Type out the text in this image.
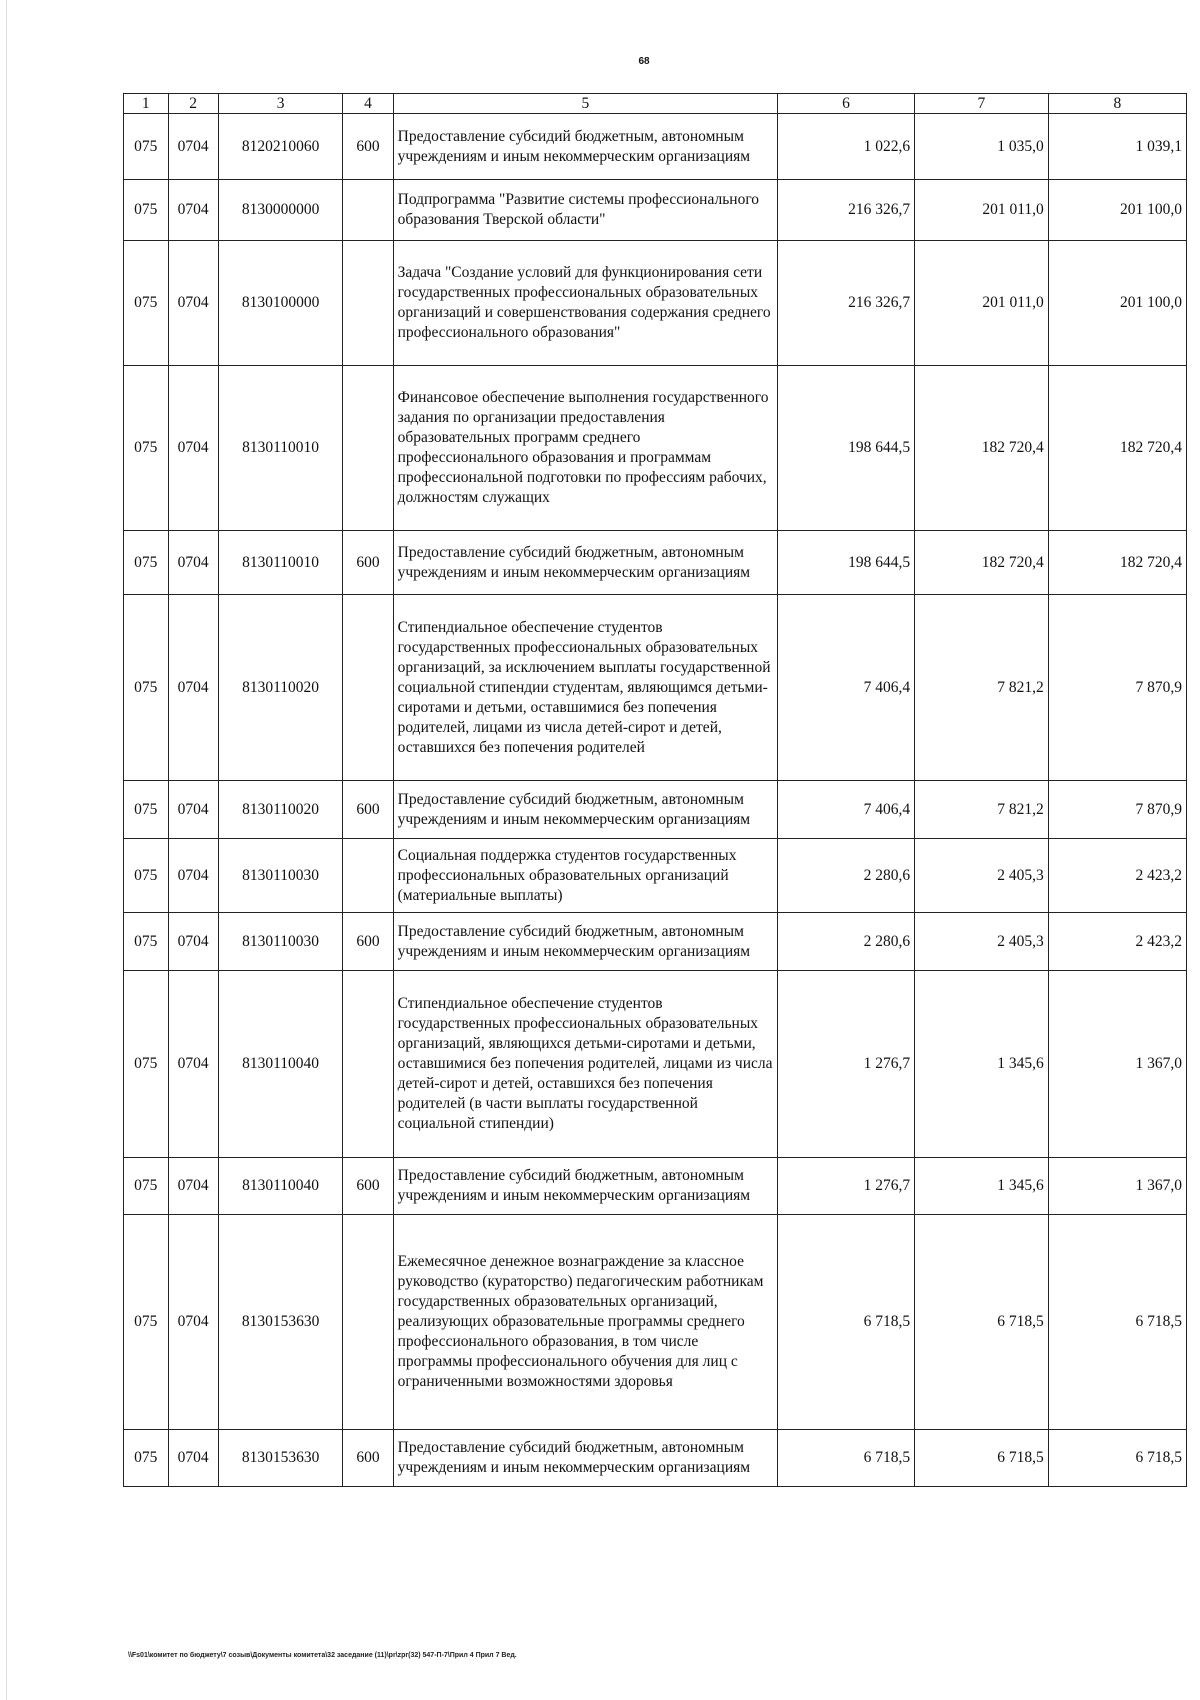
68
1	2	3	4	5	6	7	8
075	0704	8120210060	600	Предоставление субсидий бюджетным, автономным учреждениям и иным некоммерческим организациям	1 022,6	1 035,0	1 039,1
075	0704	8130000000		Подпрограмма "Развитие системы профессионального образования Тверской области"	216 326,7	201 011,0	201 100,0
075	0704	8130100000		Задача "Создание условий для функционирования сети государственных профессиональных образовательных организаций и совершенствования содержания среднего профессионального образования"	216 326,7	201 011,0	201 100,0
075	0704	8130110010		Финансовое обеспечение выполнения государственного задания по организации предоставления образовательных программ среднего профессионального образования и программам профессиональной подготовки по профессиям рабочих, должностям служащих	198 644,5	182 720,4	182 720,4
075	0704	8130110010	600	Предоставление субсидий бюджетным, автономным учреждениям и иным некоммерческим организациям	198 644,5	182 720,4	182 720,4
075	0704	8130110020		Стипендиальное обеспечение студентов государственных профессиональных образовательных организаций, за исключением выплаты государственной социальной стипендии студентам, являющимся детьми-сиротами и детьми, оставшимися без попечения родителей, лицами из числа детей-сирот и детей, оставшихся без попечения родителей	7 406,4	7 821,2	7 870,9
075	0704	8130110020	600	Предоставление субсидий бюджетным, автономным учреждениям и иным некоммерческим организациям	7 406,4	7 821,2	7 870,9
075	0704	8130110030		Социальная поддержка студентов государственных профессиональных образовательных организаций (материальные выплаты)	2 280,6	2 405,3	2 423,2
075	0704	8130110030	600	Предоставление субсидий бюджетным, автономным учреждениям и иным некоммерческим организациям	2 280,6	2 405,3	2 423,2
075	0704	8130110040		Стипендиальное обеспечение студентов государственных профессиональных образовательных организаций, являющихся детьми-сиротами и детьми, оставшимися без попечения родителей, лицами из числа детей-сирот и детей, оставшихся без попечения родителей (в части выплаты государственной социальной стипендии)	1 276,7	1 345,6	1 367,0
075	0704	8130110040	600	Предоставление субсидий бюджетным, автономным учреждениям и иным некоммерческим организациям	1 276,7	1 345,6	1 367,0
075	0704	8130153630		Ежемесячное денежное вознаграждение за классное руководство (кураторство) педагогическим работникам государственных образовательных организаций, реализующих образовательные программы среднего профессионального образования, в том числе программы профессионального обучения для лиц с ограниченными возможностями здоровья	6 718,5	6 718,5	6 718,5
075	0704	8130153630	600	Предоставление субсидий бюджетным, автономным учреждениям и иным некоммерческим организациям	6 718,5	6 718,5	6 718,5
\\Fs01\комитет по бюджету\7 созыв\Документы комитета\32 заседание (11)\pr\zpr(32) 547-П-7\Прил 4 Прил 7 Вед.
